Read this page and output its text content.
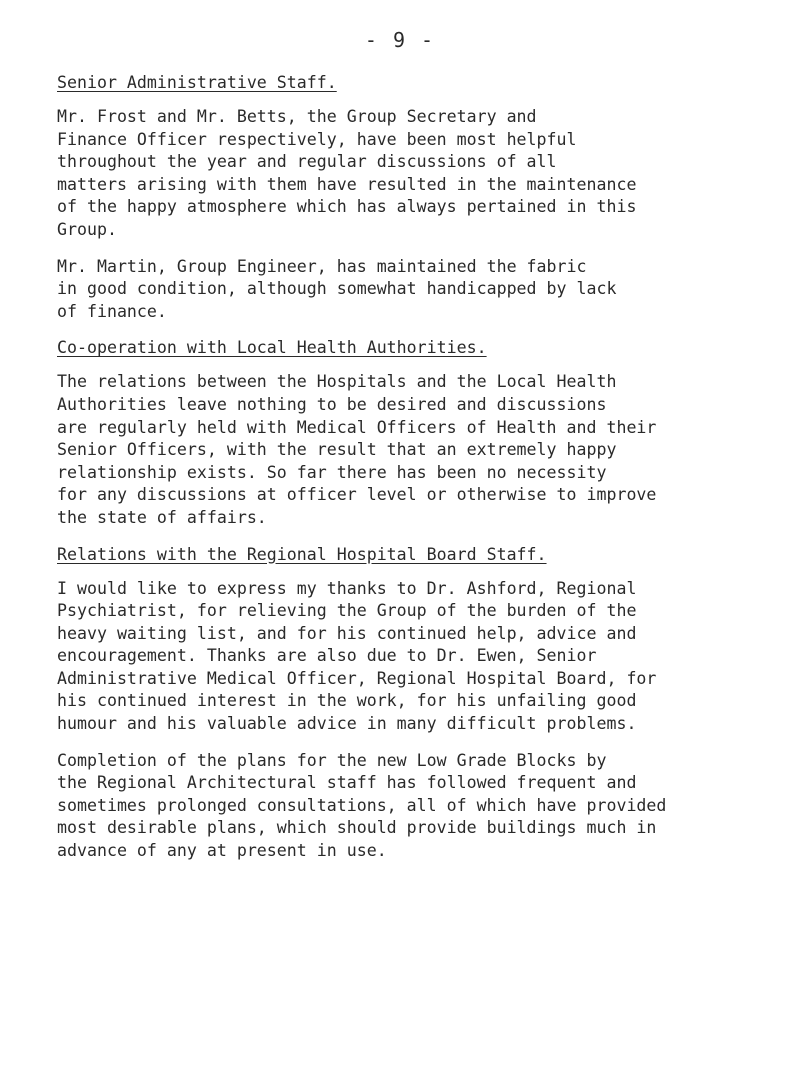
- 9 -
Senior Administrative Staff.
Mr. Frost and Mr. Betts, the Group Secretary and
Finance Officer respectively, have been most helpful
throughout the year and regular discussions of all
matters arising with them have resulted in the maintenance
of the happy atmosphere which has always pertained in this
Group.
Mr. Martin, Group Engineer, has maintained the fabric
in good condition, although somewhat handicapped by lack
of finance.
Co-operation with Local Health Authorities.
The relations between the Hospitals and the Local Health
Authorities leave nothing to be desired and discussions
are regularly held with Medical Officers of Health and their
Senior Officers, with the result that an extremely happy
relationship exists. So far there has been no necessity
for any discussions at officer level or otherwise to improve
the state of affairs.
Relations with the Regional Hospital Board Staff.
I would like to express my thanks to Dr. Ashford, Regional
Psychiatrist, for relieving the Group of the burden of the
heavy waiting list, and for his continued help, advice and
encouragement. Thanks are also due to Dr. Ewen, Senior
Administrative Medical Officer, Regional Hospital Board, for
his continued interest in the work, for his unfailing good
humour and his valuable advice in many difficult problems.
Completion of the plans for the new Low Grade Blocks by
the Regional Architectural staff has followed frequent and
sometimes prolonged consultations, all of which have provided
most desirable plans, which should provide buildings much in
advance of any at present in use.
